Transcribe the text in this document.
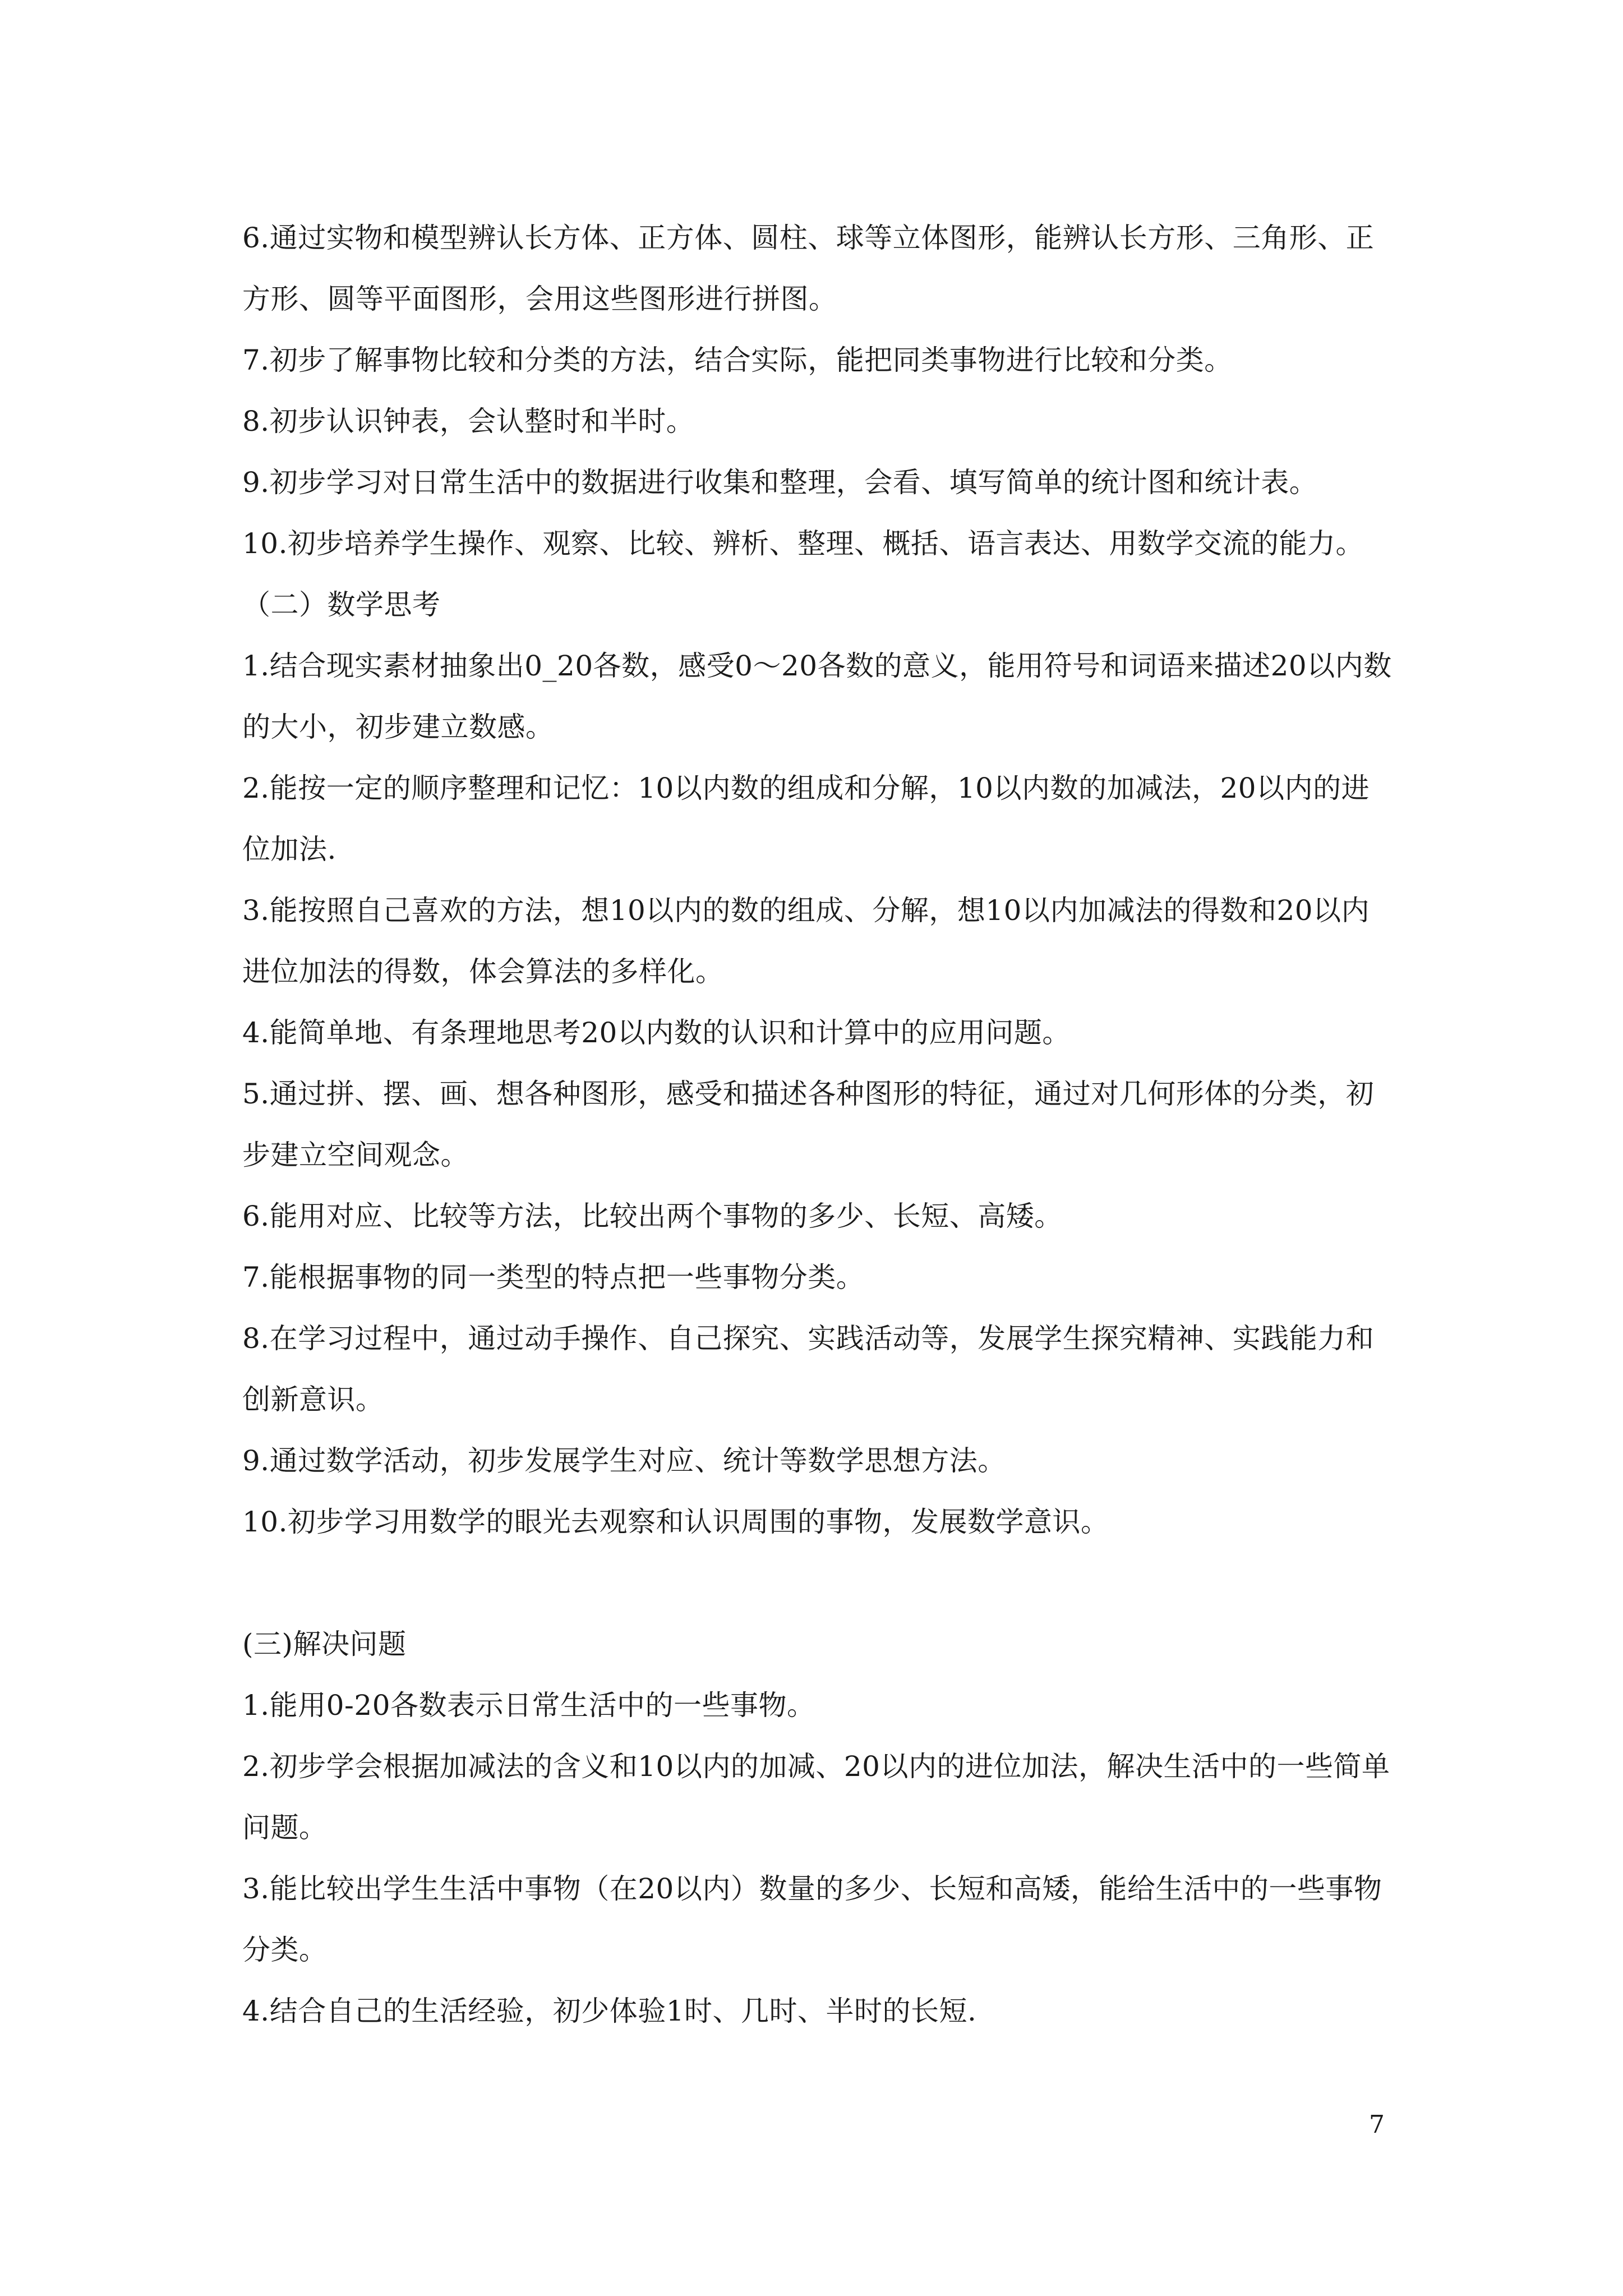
6.通过实物和模型辨认长方体、正方体、圆柱、球等立体图形，能辨认长方形、三角形、正方形、圆等平面图形，会用这些图形进行拼图。

7.初步了解事物比较和分类的方法，结合实际，能把同类事物进行比较和分类。

8.初步认识钟表，会认整时和半时。

9.初步学习对日常生活中的数据进行收集和整理，会看、填写简单的统计图和统计表。

10.初步培养学生操作、观察、比较、辨析、整理、概括、语言表达、用数学交流的能力。

（二）数学思考

1.结合现实素材抽象出0_20各数，感受0～20各数的意义，能用符号和词语来描述20以内数的大小，初步建立数感。

2.能按一定的顺序整理和记忆：10以内数的组成和分解，10以内数的加减法，20以内的进位加法.

3.能按照自己喜欢的方法，想10以内的数的组成、分解，想10以内加减法的得数和20以内进位加法的得数，体会算法的多样化。

4.能简单地、有条理地思考20以内数的认识和计算中的应用问题。

5.通过拼、摆、画、想各种图形，感受和描述各种图形的特征，通过对几何形体的分类，初步建立空间观念。

6.能用对应、比较等方法，比较出两个事物的多少、长短、高矮。

7.能根据事物的同一类型的特点把一些事物分类。

8.在学习过程中，通过动手操作、自己探究、实践活动等，发展学生探究精神、实践能力和创新意识。

9.通过数学活动，初步发展学生对应、统计等数学思想方法。

10.初步学习用数学的眼光去观察和认识周围的事物，发展数学意识。

(三)解决问题

1.能用0-20各数表示日常生活中的一些事物。

2.初步学会根据加减法的含义和10以内的加减、20以内的进位加法，解决生活中的一些简单问题。

3.能比较出学生生活中事物（在20以内）数量的多少、长短和高矮，能给生活中的一些事物分类。

4.结合自己的生活经验，初少体验1时、几时、半时的长短.

7
